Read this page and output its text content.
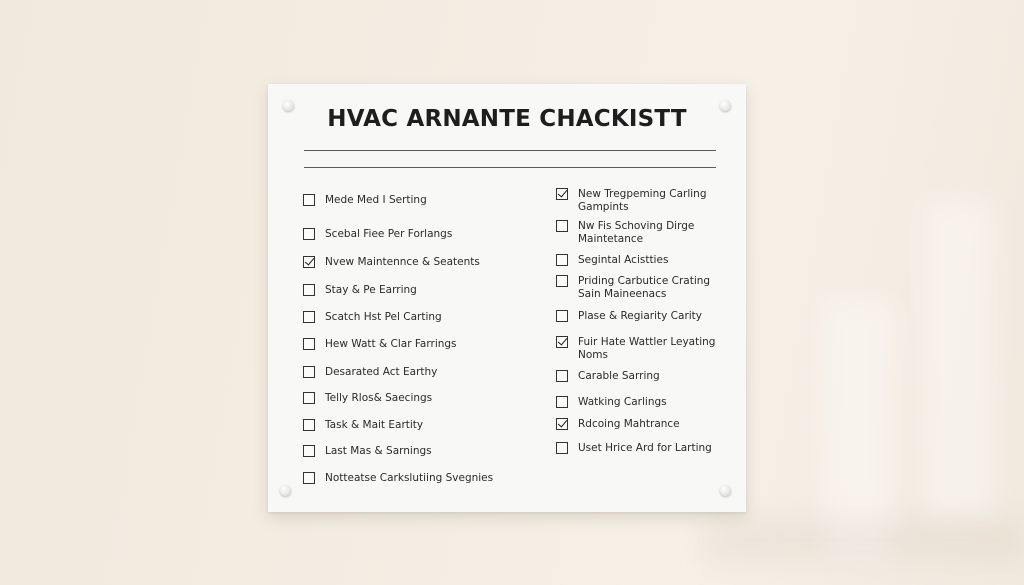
HVAC ARNANTE CHACKISTT
Mede Med I Serting
Scebal Fiee Per Forlangs
Nvew Maintennce & Seatents
Stay & Pe Earring
Scatch Hst Pel Carting
Hew Watt & Clar Farrings
Desarated Act Earthy
Telly Rlos& Saecings
Task & Mait Eartity
Last Mas & Sarnings
Notteatse Carkslutiing Svegnies
New Tregpeming Carling
Gampints
Nw Fis Schoving Dirge
Maintetance
Segintal Acistties
Priding Carbutice Crating
Sain Maineenacs
Plase & Regiarity Carity
Fuir Hate Wattler Leyating
Noms
Carable Sarring
Watking Carlings
Rdcoing Mahtrance
Uset Hrice Ard for Larting
